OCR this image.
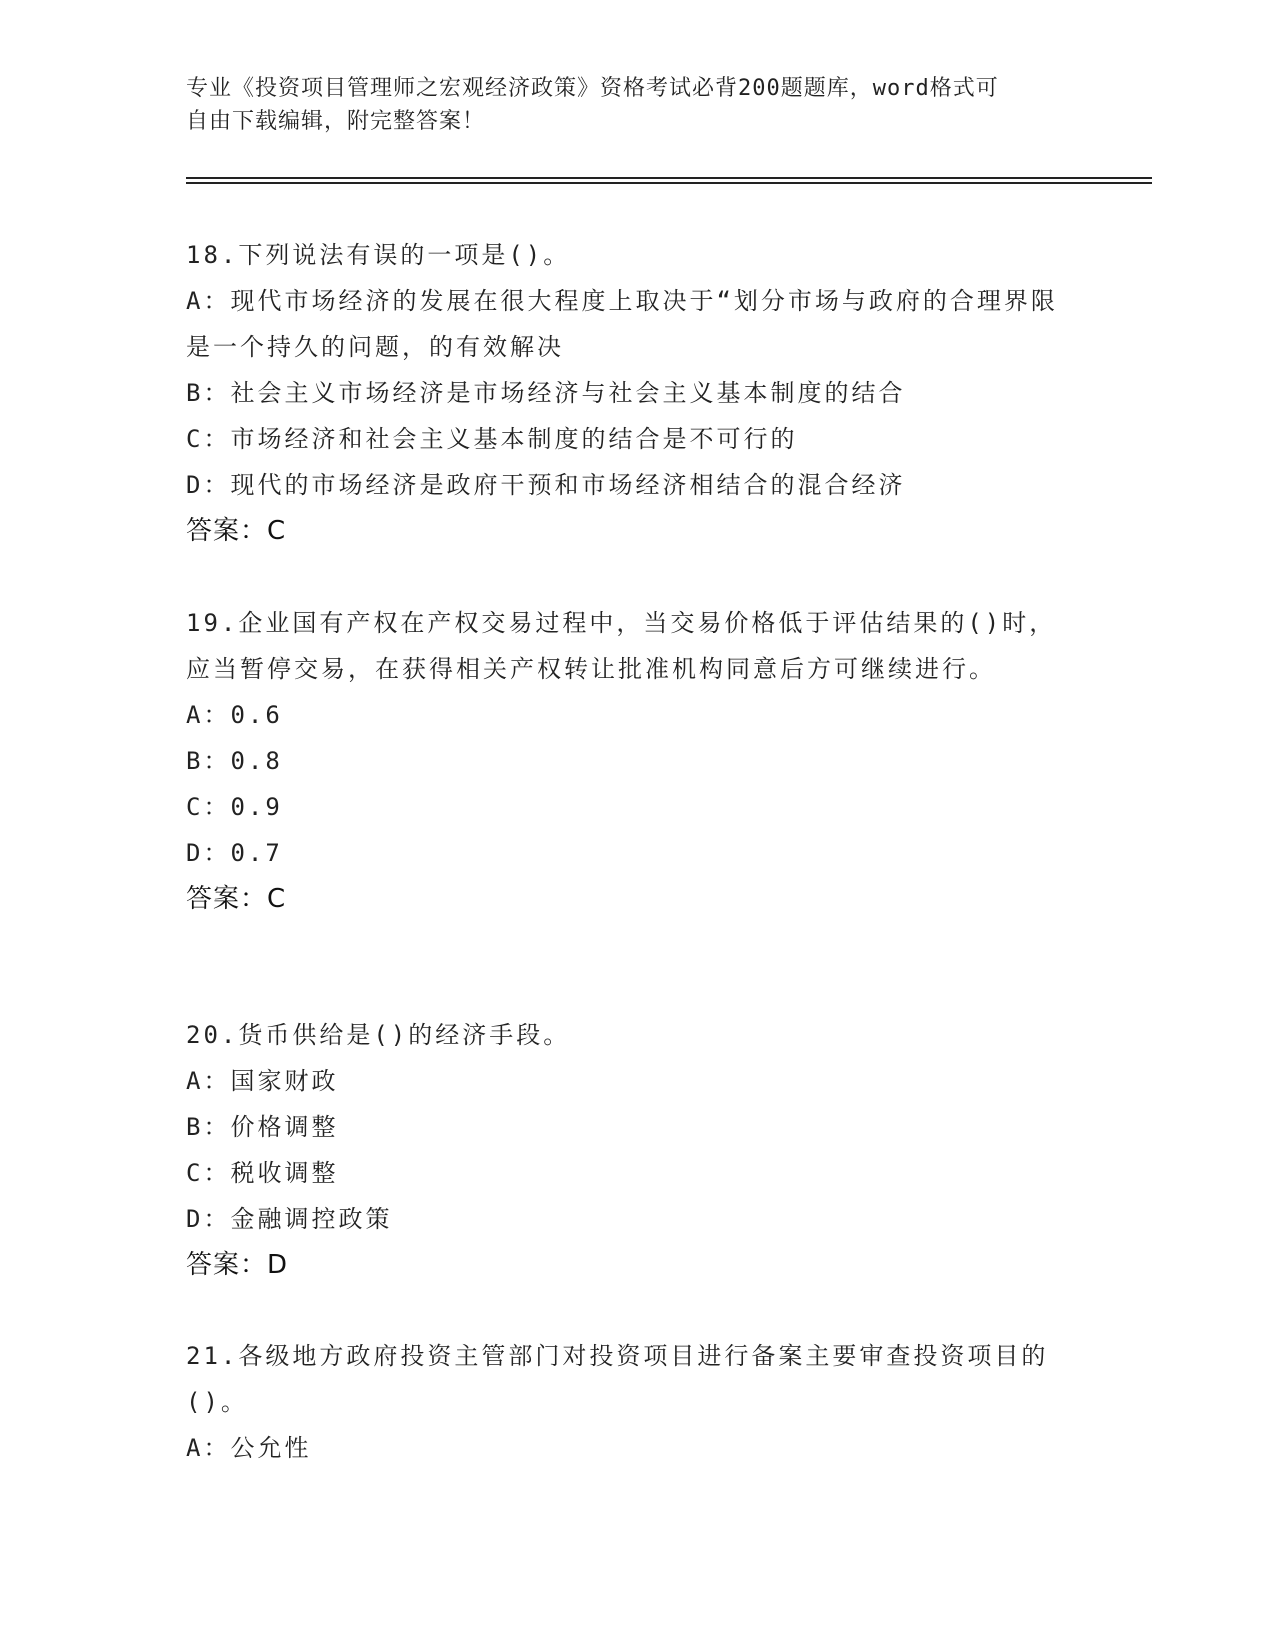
专业《投资项目管理师之宏观经济政策》资格考试必背200题题库，word格式可
自由下载编辑，附完整答案！
18.下列说法有误的一项是()。
A：现代市场经济的发展在很大程度上取决于“划分市场与政府的合理界限是一个持久的问题，的有效解决
B：社会主义市场经济是市场经济与社会主义基本制度的结合
C：市场经济和社会主义基本制度的结合是不可行的
D：现代的市场经济是政府干预和市场经济相结合的混合经济
答案：C
19.企业国有产权在产权交易过程中，当交易价格低于评估结果的()时，应当暂停交易，在获得相关产权转让批准机构同意后方可继续进行。
A：0.6
B：0.8
C：0.9
D：0.7
答案：C
20.货币供给是()的经济手段。
A：国家财政
B：价格调整
C：税收调整
D：金融调控政策
答案：D
21.各级地方政府投资主管部门对投资项目进行备案主要审查投资项目的()。
A：公允性
